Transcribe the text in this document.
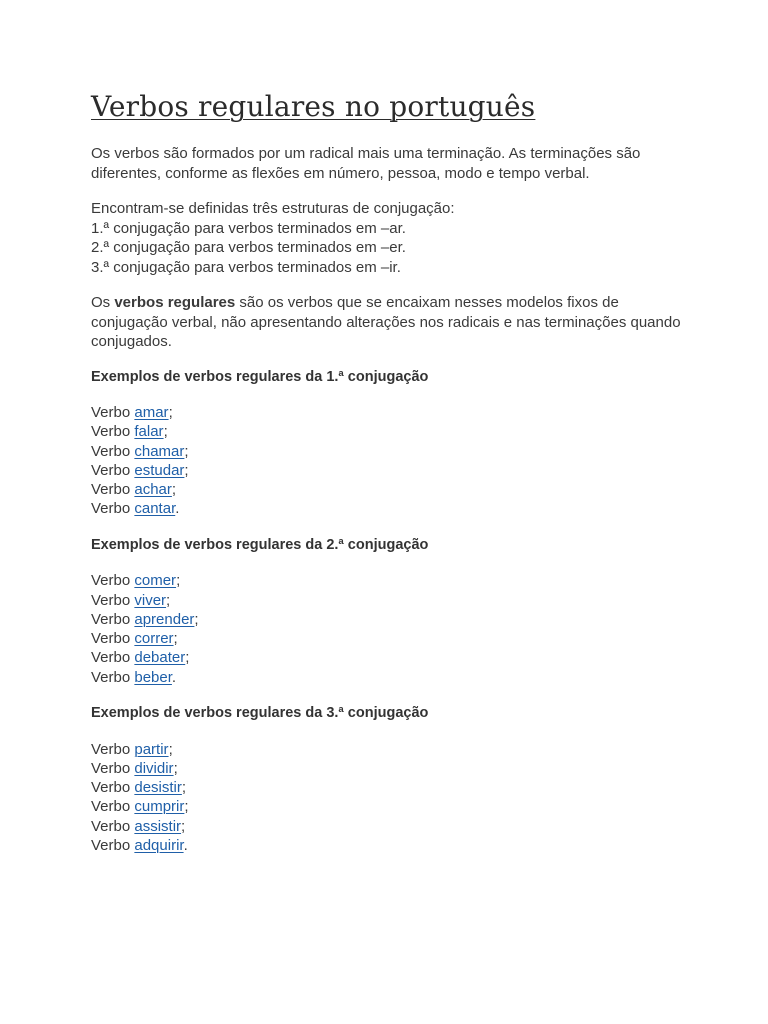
Verbos regulares no português

Os verbos são formados por um radical mais uma terminação. As terminações são diferentes, conforme as flexões em número, pessoa, modo e tempo verbal.

Encontram-se definidas três estruturas de conjugação:
1.ª conjugação para verbos terminados em –ar.
2.ª conjugação para verbos terminados em –er.
3.ª conjugação para verbos terminados em –ir.

Os verbos regulares são os verbos que se encaixam nesses modelos fixos de conjugação verbal, não apresentando alterações nos radicais e nas terminações quando conjugados.

Exemplos de verbos regulares da 1.ª conjugação
Verbo amar;
Verbo falar;
Verbo chamar;
Verbo estudar;
Verbo achar;
Verbo cantar.
Exemplos de verbos regulares da 2.ª conjugação
Verbo comer;
Verbo viver;
Verbo aprender;
Verbo correr;
Verbo debater;
Verbo beber.
Exemplos de verbos regulares da 3.ª conjugação
Verbo partir;
Verbo dividir;
Verbo desistir;
Verbo cumprir;
Verbo assistir;
Verbo adquirir.
